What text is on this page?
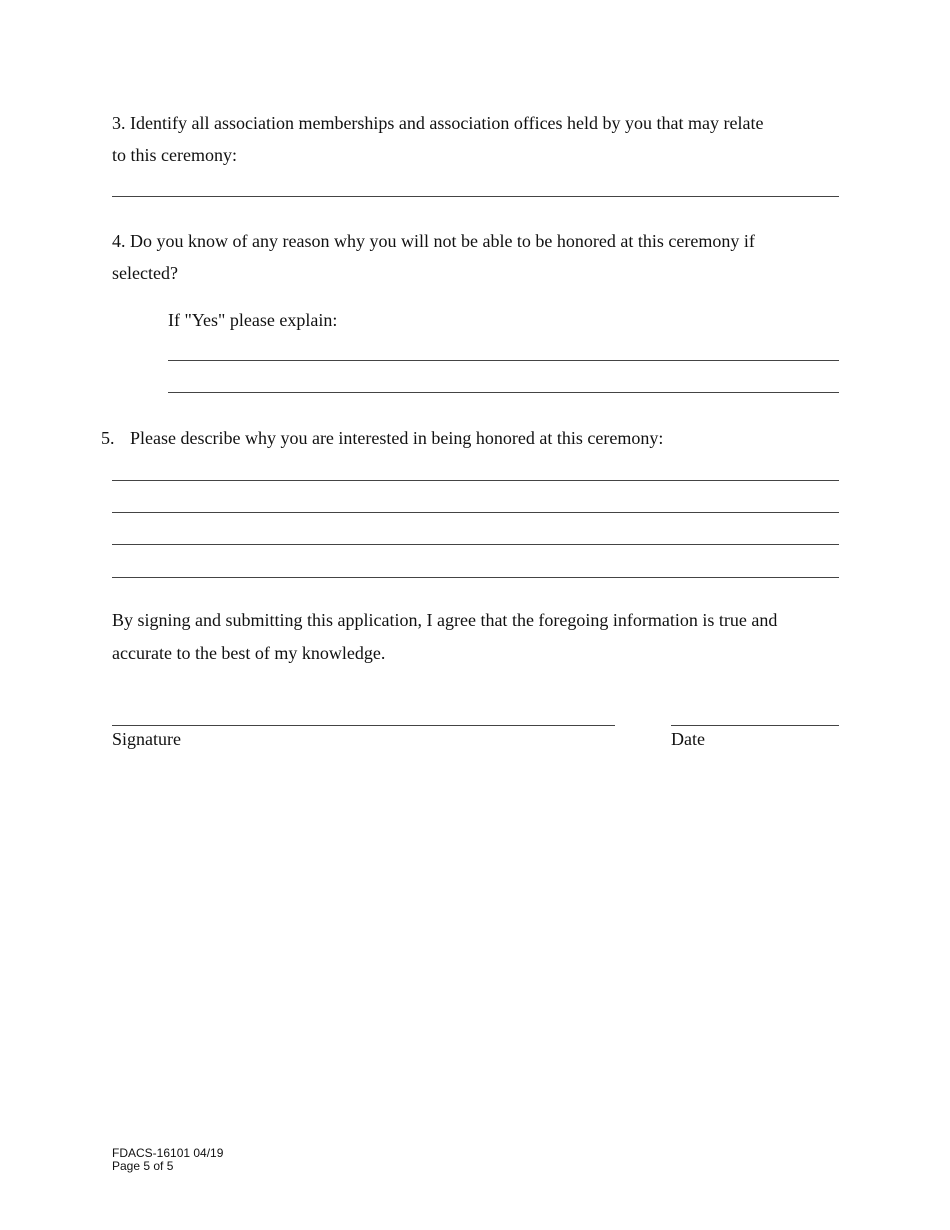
3. Identify all association memberships and association offices held by you that may relate
to this ceremony:
4. Do you know of any reason why you will not be able to be honored at this ceremony if
selected?
If "Yes" please explain:
5. Please describe why you are interested in being honored at this ceremony:
By signing and submitting this application, I agree that the foregoing information is true and
accurate to the best of my knowledge.
Signature	Date
FDACS-16101 04/19
Page 5 of 5
